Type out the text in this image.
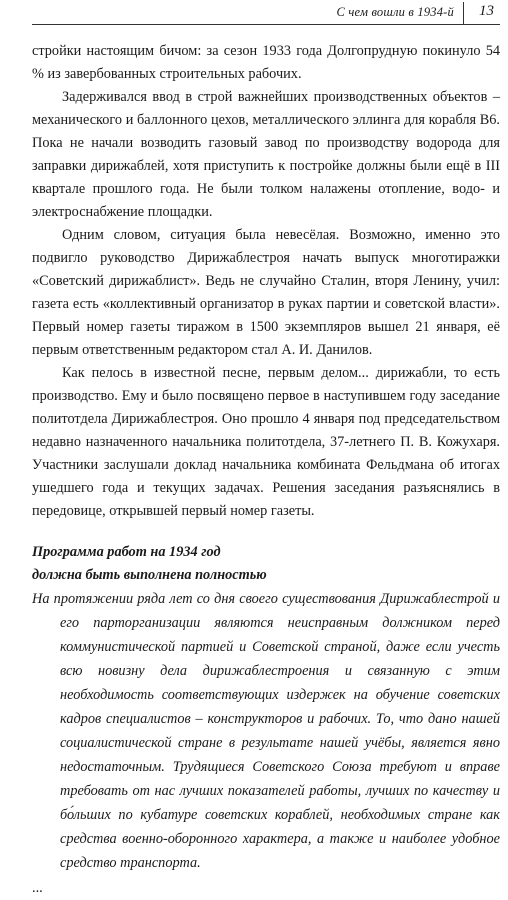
С чем вошли в 1934-й 13

стройки настоящим бичом: за сезон 1933 года Долгопрудную покинуло 54 % из завербованных строительных рабочих.

Задерживался ввод в строй важнейших производственных объектов – механического и баллонного цехов, металлического эллинга для корабля В6. Пока не начали возводить газовый завод по производству водорода для заправки дирижаблей, хотя приступить к постройке должны были ещё в III квартале прошлого года. Не были толком налажены отопление, водо- и электроснабжение площадки.

Одним словом, ситуация была невесёлая. Возможно, именно это подвигло руководство Дирижаблестроя начать выпуск многотиражки «Советский дирижаблист». Ведь не случайно Сталин, вторя Ленину, учил: газета есть «коллективный организатор в руках партии и советской власти». Первый номер газеты тиражом в 1500 экземпляров вышел 21 января, её первым ответственным редактором стал А. И. Данилов.

Как пелось в известной песне, первым делом... дирижабли, то есть производство. Ему и было посвящено первое в наступившем году заседание политотдела Дирижаблестроя. Оно прошло 4 января под председательством недавно назначенного начальника политотдела, 37-летнего П. В. Кожухаря. Участники заслушали доклад начальника комбината Фельдмана об итогах ушедшего года и текущих задачах. Решения заседания разъяснялись в передовице, открывшей первый номер газеты.

Программа работ на 1934 год
должна быть выполнена полностью
На протяжении ряда лет со дня своего существования Дирижаблестрой и его парторганизации являются неисправным должником перед коммунистической партией и Советской страной, даже если учесть всю новизну дела дирижаблестроения и связанную с этим необходимость соответствующих издержек на обучение советских кадров специалистов – конструкторов и рабочих. То, что дано нашей социалистической стране в результате нашей учёбы, является явно недостаточным. Трудящиеся Советского Союза требуют и вправе требовать от нас лучших показателей работы, лучших по качеству и бо́льших по кубатуре советских кораблей, необходимых стране как средства военно-оборонного характера, а также и наиболее удобное средство транспорта.
...
